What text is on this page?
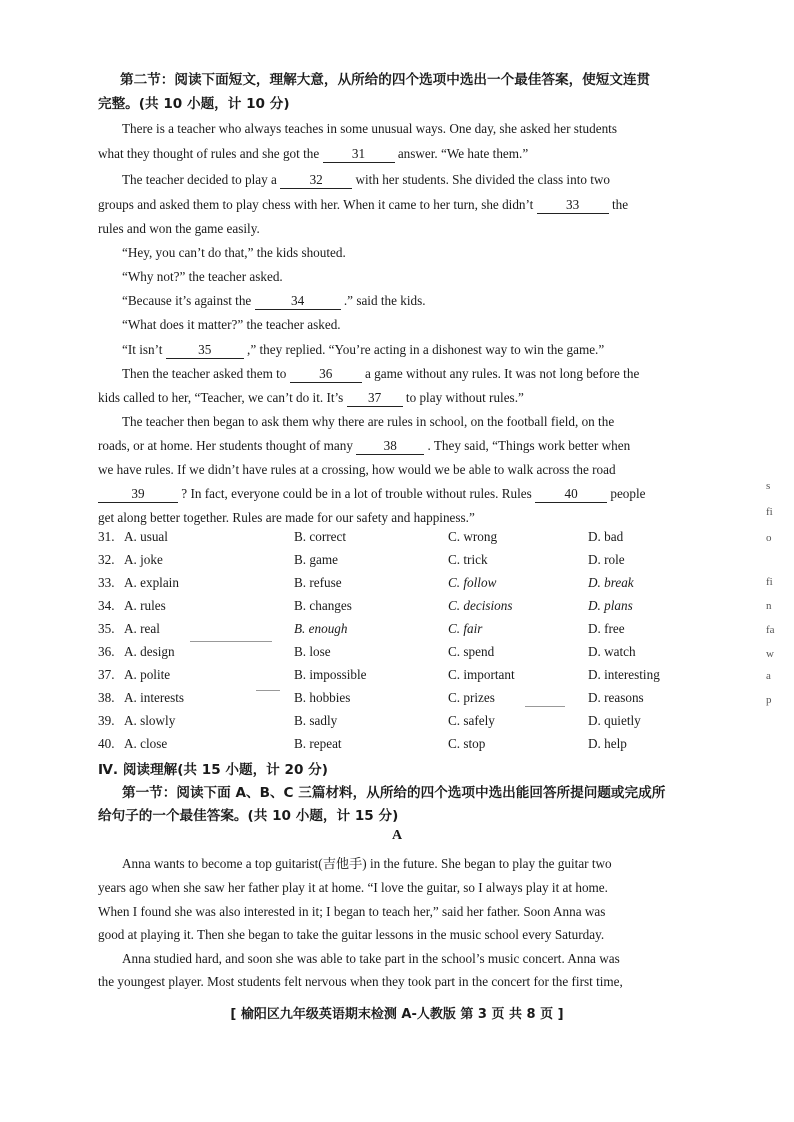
第二节：阅读下面短文，理解大意，从所给的四个选项中选出一个最佳答案，使短文连贯
完整。(共 10 小题，计 10 分)
There is a teacher who always teaches in some unusual ways. One day, she asked her students
what they thought of rules and she got the 31 answer. “We hate them.”
The teacher decided to play a 32 with her students. She divided the class into two
groups and asked them to play chess with her. When it came to her turn, she didn’t 33 the
rules and won the game easily.
“Hey, you can’t do that,” the kids shouted.
“Why not?” the teacher asked.
“Because it’s against the	34	.” said the kids.
“What does it matter?” the teacher asked.
“It isn’t	35	,” they replied. “You’re acting in a dishonest way to win the game.”
Then the teacher asked them to 36 a game without any rules. It was not long before the
kids called to her, “Teacher, we can’t do it. It’s 37 to play without rules.”
The teacher then began to ask them why there are rules in school, on the football field, on the
roads, or at home. Her students thought of many 38 . They said, “Things work better when
we have rules. If we didn’t have rules at a crossing, how would we be able to walk across the road
39	? In fact, everyone could be in a lot of trouble without rules. Rules 40 people
get along better together. Rules are made for our safety and happiness.”
31. A. usual	B. correct	C. wrong	D. bad
32. A. joke	B. game	C. trick	D. role
33. A. explain	B. refuse	C. follow	D. break
34. A. rules	B. changes	C. decisions	D. plans
35. A. real	B. enough	C. fair	D. free
36. A. design	B. lose	C. spend	D. watch
37. A. polite	B. impossible	C. important	D. interesting
38. A. interests	B. hobbies	C. prizes	D. reasons
39. A. slowly	B. sadly	C. safely	D. quietly
40. A. close	B. repeat	C. stop	D. help
Ⅳ. 阅读理解(共 15 小题，计 20 分)
第一节：阅读下面 A、B、C 三篇材料，从所给的四个选项中选出能回答所提问题或完成所
给句子的一个最佳答案。(共 10 小题，计 15 分)
A
Anna wants to become a top guitarist(吉他手) in the future. She began to play the guitar two
years ago when she saw her father play it at home. “I love the guitar, so I always play it at home.
When I found she was also interested in it; I began to teach her,” said her father. Soon Anna was
good at playing it. Then she began to take the guitar lessons in the music school every Saturday.
Anna studied hard, and soon she was able to take part in the school’s music concert. Anna was
the youngest player. Most students felt nervous when they took part in the concert for the first time,
[ 榆阳区九年级英语期末检测 A-人教版 第 3 页 共 8 页 ]
s
fi
o
fi
n
fa
w
a
p
